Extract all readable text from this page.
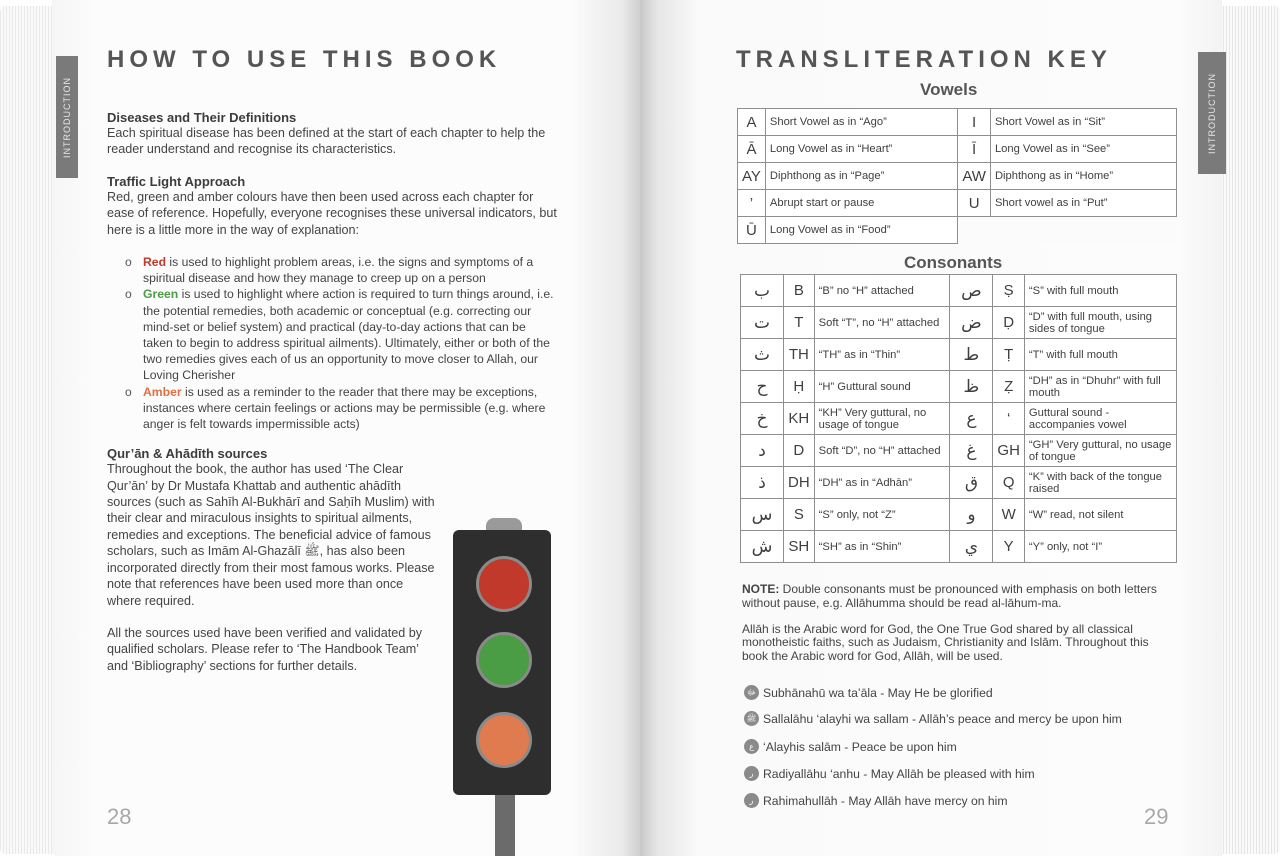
INTRODUCTION
HOW TO USE THIS BOOK

Diseases and Their Definitions

Each spiritual disease has been defined at the start of each chapter to help the reader understand and recognise its characteristics.

Traffic Light Approach

Red, green and amber colours have then been used across each chapter for ease of reference. Hopefully, everyone recognises these universal indicators, but here is a little more in the way of explanation:

o Red is used to highlight problem areas, i.e. the signs and symptoms of a spiritual disease and how they manage to creep up on a person
o Green is used to highlight where action is required to turn things around, i.e. the potential remedies, both academic or conceptual (e.g. correcting our mind-set or belief system) and practical (day-to-day actions that can be taken to begin to address spiritual ailments). Ultimately, either or both of the two remedies gives each of us an opportunity to move closer to Allah, our Loving Cherisher
o Amber is used as a reminder to the reader that there may be exceptions, instances where certain feelings or actions may be permissible (e.g. where anger is felt towards impermissible acts)

Qur’ān & Ahādīth sources

Throughout the book, the author has used ‘The Clear Qur’ān’ by Dr Mustafa Khattab and authentic ahādīth sources (such as Sahīh Al-Bukhārī and Saḥīh Muslim) with their clear and miraculous insights to spiritual ailments, remedies and exceptions. The beneficial advice of famous scholars, such as Imām Al-Ghazālī ﷺ, has also been incorporated directly from their most famous works. Please note that references have been used more than once where required.

All the sources used have been verified and validated by qualified scholars. Please refer to ‘The Handbook Team’ and ‘Bibliography’ sections for further details.

28
INTRODUCTION
TRANSLITERATION KEY
Vowels
A	Short Vowel as in “Ago”	I	Short Vowel as in “Sit”
Ā	Long Vowel as in “Heart”	Ī	Long Vowel as in “See”
AY	Diphthong as in “Page”	AW	Diphthong as in “Home”
’	Abrupt start or pause	U	Short vowel as in “Put”
Ū	Long Vowel as in “Food”		
Consonants
ب	B	“B” no “H” attached	ص	Ṣ	“S” with full mouth
ت	T	Soft “T”, no “H” attached	ض	Ḍ	“D” with full mouth, using sides of tongue
ث	TH	“TH” as in “Thin”	ط	Ṭ	“T” with full mouth
ح	Ḥ	“H” Guttural sound	ظ	Ẓ	“DH” as in “Dhuhr” with full mouth
خ	KH	“KH” Very guttural, no usage of tongue	ع	‘	Guttural sound - accompanies vowel
د	D	Soft “D”, no “H” attached	غ	GH	“GH” Very guttural, no usage of tongue
ذ	DH	“DH” as in “Adhān”	ق	Q	“K” with back of the tongue raised
س	S	“S” only, not “Z”	و	W	“W” read, not silent
ش	SH	“SH” as in “Shin”	ي	Y	“Y” only, not “I”

NOTE: Double consonants must be pronounced with emphasis on both letters without pause, e.g. Allāhumma should be read al-lāhum-ma.

Allāh is the Arabic word for God, the One True God shared by all classical monotheistic faiths, such as Judaism, Christianity and Islām. Throughout this book the Arabic word for God, Allāh, will be used.

ﷻ Subhānahū wa ta’āla - May He be glorified
ﷺ Sallalāhu ‘alayhi wa sallam - Allāh’s peace and mercy be upon him
ع ‘Alayhis salām - Peace be upon him
ر Radiyallāhu ‘anhu - May Allāh be pleased with him
ر Rahimahullāh - May Allāh have mercy on him
29
